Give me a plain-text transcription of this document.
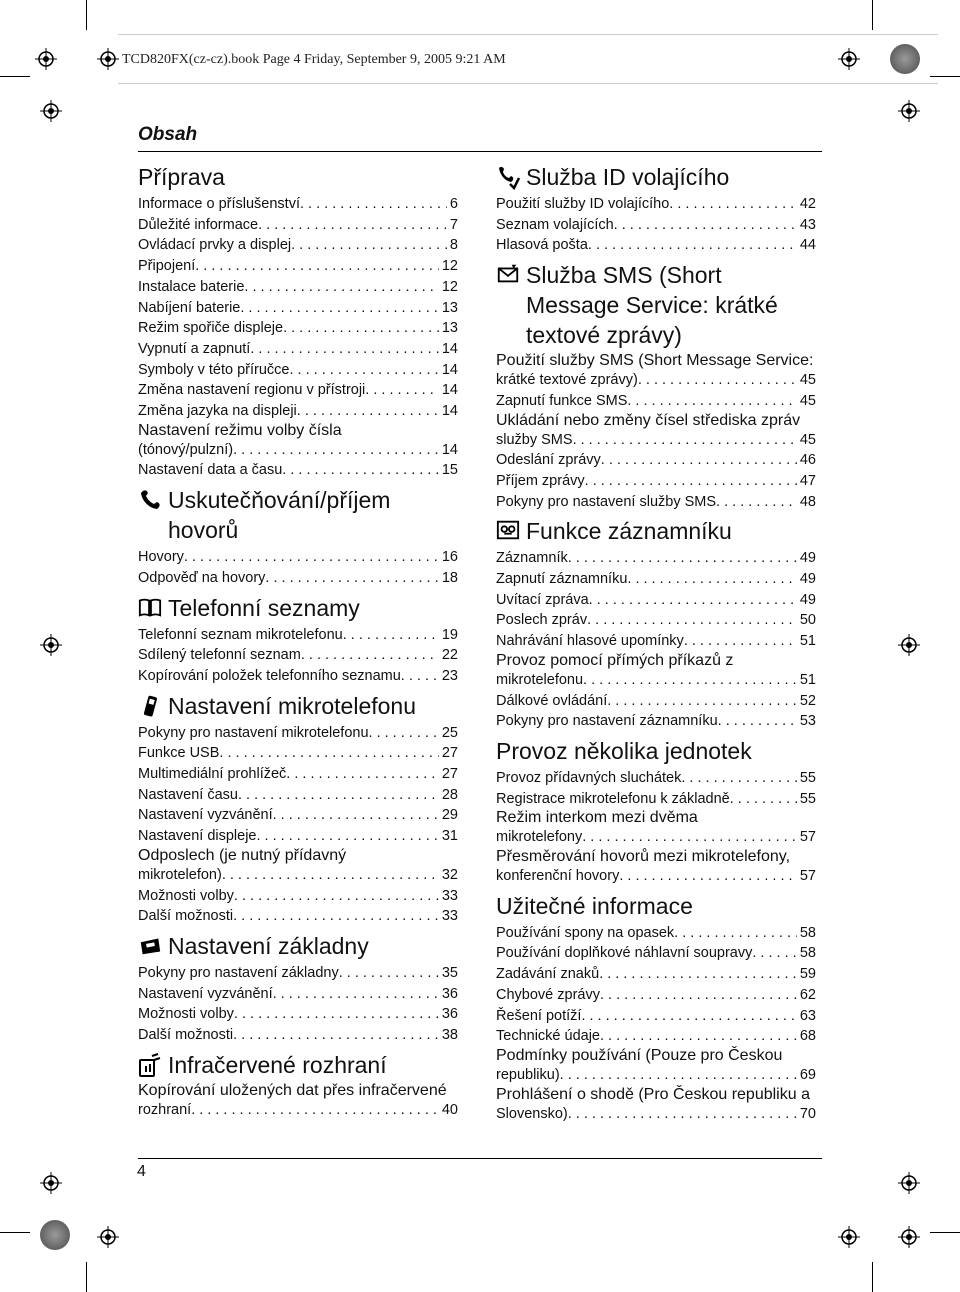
TCD820FX(cz-cz).book Page 4 Friday, September 9, 2005 9:21 AM
Obsah
Příprava
Informace o příslušenství . . .	6
Důležité informace . . .	7
Ovládací prvky a displej . . .	8
Připojení . . .	12
Instalace baterie . . .	12
Nabíjení baterie . . .	13
Režim spořiče displeje . . .	13
Vypnutí a zapnutí . . .	14
Symboly v této příručce . . .	14
Změna nastavení regionu v přístroji . . .	14
Změna jazyka na displeji . . .	14
Nastavení režimu volby čísla
(tónový/pulzní) . . .	14
Nastavení data a času . . .	15
Uskutečňování/příjem hovorů
Hovory . . .	16
Odpověď na hovory . . .	18
Telefonní seznamy
Telefonní seznam mikrotelefonu . . .	19
Sdílený telefonní seznam . . .	22
Kopírování položek telefonního seznamu . . .	23
Nastavení mikrotelefonu
Pokyny pro nastavení mikrotelefonu . . .	25
Funkce USB . . .	27
Multimediální prohlížeč . . .	27
Nastavení času . . .	28
Nastavení vyzvánění . . .	29
Nastavení displeje . . .	31
Odposlech (je nutný přídavný
mikrotelefon) . . .	32
Možnosti volby . . .	33
Další možnosti . . .	33
Nastavení základny
Pokyny pro nastavení základny . . .	35
Nastavení vyzvánění . . .	36
Možnosti volby . . .	36
Další možnosti . . .	38
Infračervené rozhraní
Kopírování uložených dat přes infračervené
rozhraní . . .	40
Služba ID volajícího
Použití služby ID volajícího . . .	42
Seznam volajících . . .	43
Hlasová pošta . . .	44
Služba SMS (Short Message Service: krátké textové zprávy)
Použití služby SMS (Short Message Service:
krátké textové zprávy) . . .	45
Zapnutí funkce SMS . . .	45
Ukládání nebo změny čísel střediska zpráv
služby SMS . . .	45
Odeslání zprávy . . .	46
Příjem zprávy . . .	47
Pokyny pro nastavení služby SMS . . .	48
Funkce záznamníku
Záznamník . . .	49
Zapnutí záznamníku . . .	49
Uvítací zpráva . . .	49
Poslech zpráv . . .	50
Nahrávání hlasové upomínky . . .	51
Provoz pomocí přímých příkazů z
mikrotelefonu . . .	51
Dálkové ovládání . . .	52
Pokyny pro nastavení záznamníku . . .	53
Provoz několika jednotek
Provoz přídavných sluchátek . . .	55
Registrace mikrotelefonu k základně . . .	55
Režim interkom mezi dvěma
mikrotelefony . . .	57
Přesměrování hovorů mezi mikrotelefony,
konferenční hovory . . .	57
Užitečné informace
Používání spony na opasek . . .	58
Používání doplňkové náhlavní soupravy . . .	58
Zadávání znaků . . .	59
Chybové zprávy . . .	62
Řešení potíží . . .	63
Technické údaje . . .	68
Podmínky používání (Pouze pro Českou
republiku) . . .	69
Prohlášení o shodě (Pro Českou republiku a
Slovensko) . . .	70
4
